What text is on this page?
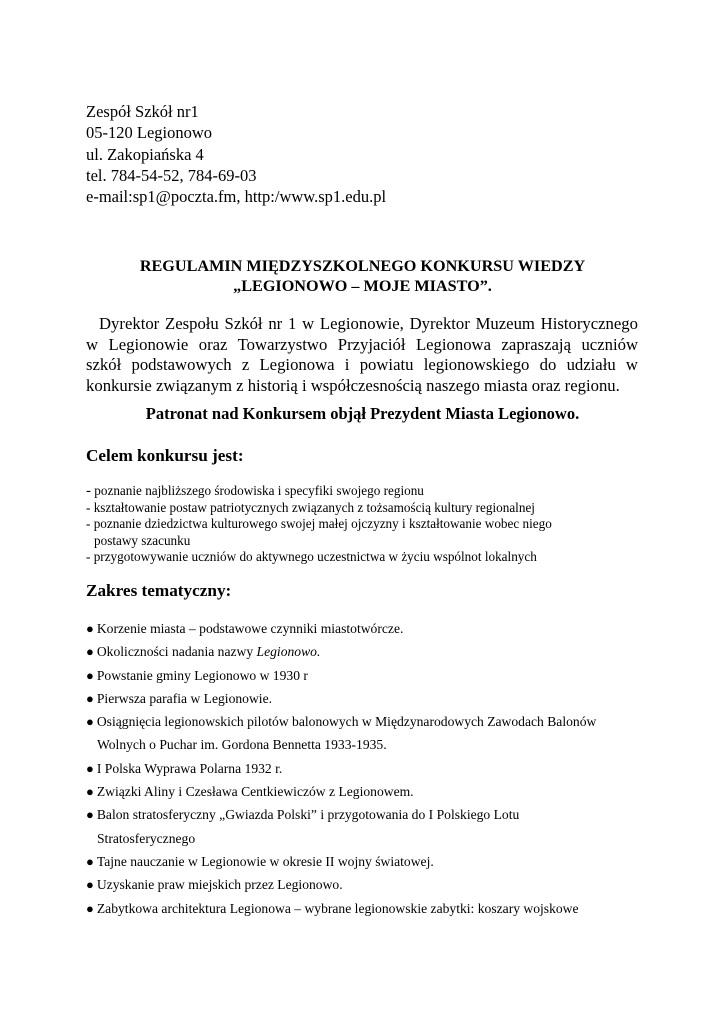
Zespół Szkół nr1
05-120 Legionowo
ul. Zakopiańska 4
tel. 784-54-52, 784-69-03
e-mail:sp1@poczta.fm, http:/www.sp1.edu.pl
REGULAMIN MIĘDZYSZKOLNEGO KONKURSU WIEDZY
„LEGIONOWO – MOJE MIASTO”.
Dyrektor Zespołu Szkół nr 1 w Legionowie, Dyrektor Muzeum Historycznego
w Legionowie oraz Towarzystwo Przyjaciół Legionowa zapraszają uczniów
szkół podstawowych z Legionowa i powiatu legionowskiego do udziału w
konkursie związanym z historią i współczesnością naszego miasta oraz regionu.
Patronat nad Konkursem objął Prezydent Miasta Legionowo.
Celem konkursu jest:
- poznanie najbliższego środowiska i specyfiki swojego regionu
- kształtowanie postaw patriotycznych związanych z tożsamością kultury regionalnej
- poznanie dziedzictwa kulturowego swojej małej ojczyzny i kształtowanie wobec niego
postawy szacunku
- przygotowywanie uczniów do aktywnego uczestnictwa w życiu wspólnot lokalnych
Zakres tematyczny:
● Korzenie miasta – podstawowe czynniki miastotwórcze.
● Okoliczności nadania nazwy Legionowo.
● Powstanie gminy Legionowo w 1930 r
● Pierwsza parafia w Legionowie.
● Osiągnięcia legionowskich pilotów balonowych w Międzynarodowych Zawodach Balonów
Wolnych o Puchar im. Gordona Bennetta 1933-1935.
● I Polska Wyprawa Polarna 1932 r.
● Związki Aliny i Czesława Centkiewiczów z Legionowem.
● Balon stratosferyczny „Gwiazda Polski” i przygotowania do I Polskiego Lotu
Stratosferycznego
● Tajne nauczanie w Legionowie w okresie II wojny światowej.
● Uzyskanie praw miejskich przez Legionowo.
● Zabytkowa architektura Legionowa – wybrane legionowskie zabytki: koszary wojskowe
